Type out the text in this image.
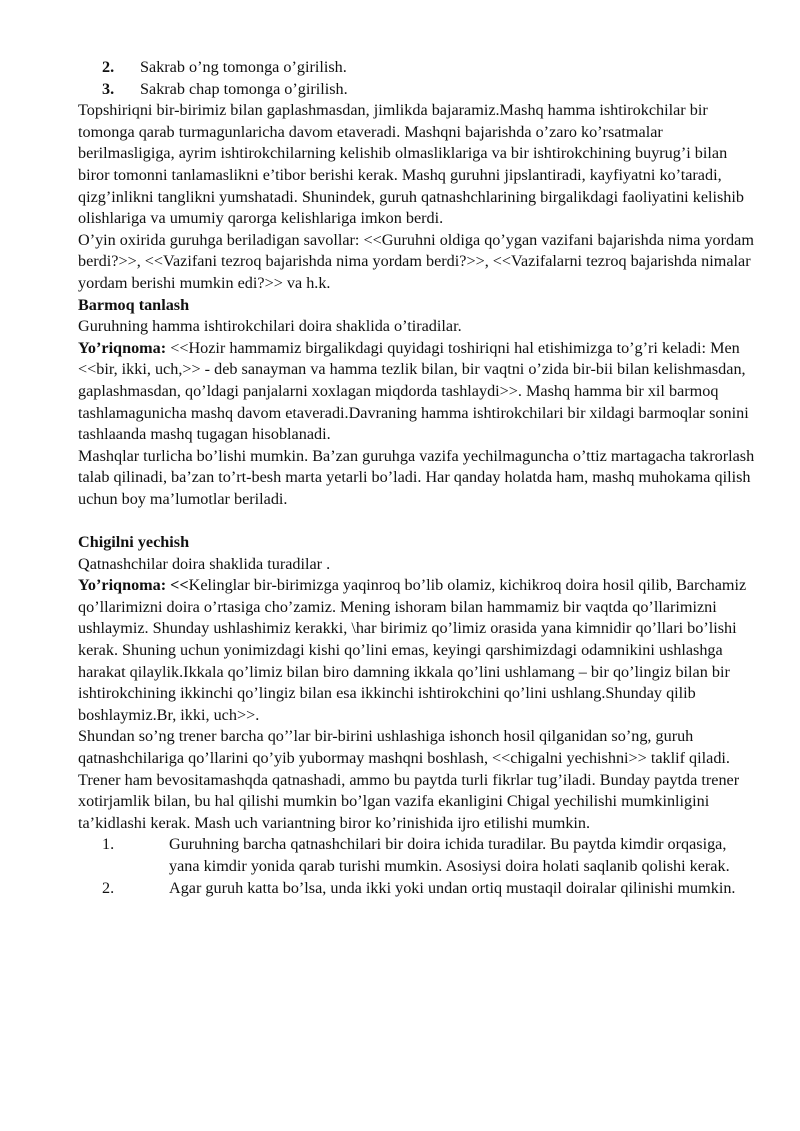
2. Sakrab o’ng tomonga o’girilish.
3. Sakrab chap tomonga o’girilish.

Topshiriqni bir-birimiz bilan gaplashmasdan, jimlikda bajaramiz.Mashq hamma ishtirokchilar bir tomonga qarab turmagunlaricha davom etaveradi. Mashqni bajarishda o’zaro ko’rsatmalar berilmasligiga, ayrim ishtirokchilarning kelishib olmasliklariga va bir ishtirokchining buyrug’i bilan biror tomonni tanlamaslikni e’tibor berishi kerak. Mashq guruhni jipslantiradi, kayfiyatni ko’taradi, qizg’inlikni tanglikni yumshatadi. Shunindek, guruh qatnashchlarining birgalikdagi faoliyatini kelishib olishlariga va umumiy qarorga kelishlariga imkon berdi.

O’yin oxirida guruhga beriladigan savollar: <<Guruhni oldiga qo’ygan vazifani bajarishda nima yordam berdi?>>, <<Vazifani tezroq bajarishda nima yordam berdi?>>, <<Vazifalarni tezroq bajarishda nimalar yordam berishi mumkin edi?>> va h.k.

Barmoq tanlash

Guruhning hamma ishtirokchilari doira shaklida o’tiradilar.

Yo’riqnoma: <<Hozir hammamiz birgalikdagi quyidagi toshiriqni hal etishimizga to’g’ri keladi: Men <<bir, ikki, uch,>> - deb sanayman va hamma tezlik bilan, bir vaqtni o’zida bir-bii bilan kelishmasdan, gaplashmasdan, qo’ldagi panjalarni xoxlagan miqdorda tashlaydi>>. Mashq hamma bir xil barmoq tashlamagunicha mashq davom etaveradi.Davraning hamma ishtirokchilari bir xildagi barmoqlar sonini tashlaanda mashq tugagan hisoblanadi.

Mashqlar turlicha bo’lishi mumkin. Ba’zan guruhga vazifa yechilmaguncha o’ttiz martagacha takrorlash talab qilinadi, ba’zan to’rt-besh marta yetarli bo’ladi. Har qanday holatda ham, mashq muhokama qilish uchun boy ma’lumotlar beriladi.

Chigilni yechish

Qatnashchilar doira shaklida turadilar .

Yo’riqnoma: <<Kelinglar bir-birimizga yaqinroq bo’lib olamiz, kichikroq doira hosil qilib, Barchamiz qo’llarimizni doira o’rtasiga cho’zamiz. Mening ishoram bilan hammamiz bir vaqtda qo’llarimizni ushlaymiz. Shunday ushlashimiz kerakki, \har birimiz qo’limiz orasida yana kimnidir qo’llari bo’lishi kerak. Shuning uchun yonimizdagi kishi qo’lini emas, keyingi qarshimizdagi odamnikini ushlashga harakat qilaylik.Ikkala qo’limiz bilan biro damning ikkala qo’lini ushlamang – bir qo’lingiz bilan bir ishtirokchining ikkinchi qo’lingiz bilan esa ikkinchi ishtirokchini qo’lini ushlang.Shunday qilib boshlaymiz.Br, ikki, uch>>.

Shundan so’ng trener barcha qo’’lar bir-birini ushlashiga ishonch hosil qilganidan so’ng, guruh qatnashchilariga qo’llarini qo’yib yubormay mashqni boshlash, <<chigalni yechishni>> taklif qiladi. Trener ham bevositamashqda qatnashadi, ammo bu paytda turli fikrlar tug’iladi. Bunday paytda trener xotirjamlik bilan, bu hal qilishi mumkin bo’lgan vazifa ekanligini Chigal yechilishi mumkinligini ta’kidlashi kerak. Mash uch variantning biror ko’rinishida ijro etilishi mumkin.

1.	Guruhning barcha qatnashchilari bir doira ichida turadilar. Bu paytda kimdir orqasiga, yana kimdir yonida qarab turishi mumkin. Asosiysi doira holati saqlanib qolishi kerak.
2.	Agar guruh katta bo’lsa, unda ikki yoki undan ortiq mustaqil doiralar qilinishi mumkin.
